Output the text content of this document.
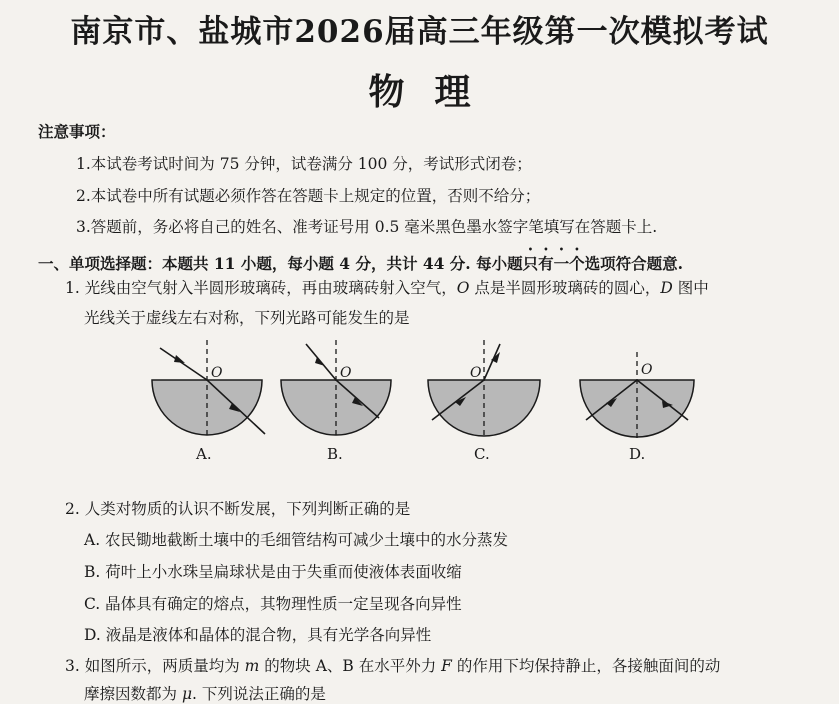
南京市、盐城市2026届高三年级第一次模拟考试
物理
注意事项：
1.本试卷考试时间为 75 分钟，试卷满分 100 分，考试形式闭卷；
2.本试卷中所有试题必须作答在答题卡上规定的位置，否则不给分；
3.答题前，务必将自己的姓名、准考证号用 0.5 毫米黑色墨水签字笔填写在答题卡上.
一、单项选择题：本题共 11 小题，每小题 4 分，共计 44 分. 每小题只有一个选项符合题意.
1. 光线由空气射入半圆形玻璃砖，再由玻璃砖射入空气，O 点是半圆形玻璃砖的圆心，D 图中
光线关于虚线左右对称，下列光路可能发生的是
O
A.
O
B.
O
C.
O
D.
2. 人类对物质的认识不断发展，下列判断正确的是
A. 农民锄地截断土壤中的毛细管结构可减少土壤中的水分蒸发
B. 荷叶上小水珠呈扁球状是由于失重而使液体表面收缩
C. 晶体具有确定的熔点，其物理性质一定呈现各向异性
D. 液晶是液体和晶体的混合物，具有光学各向异性
3. 如图所示，两质量均为 m 的物块 A、B 在水平外力 F 的作用下均保持静止，各接触面间的动
摩擦因数都为 μ. 下列说法正确的是
